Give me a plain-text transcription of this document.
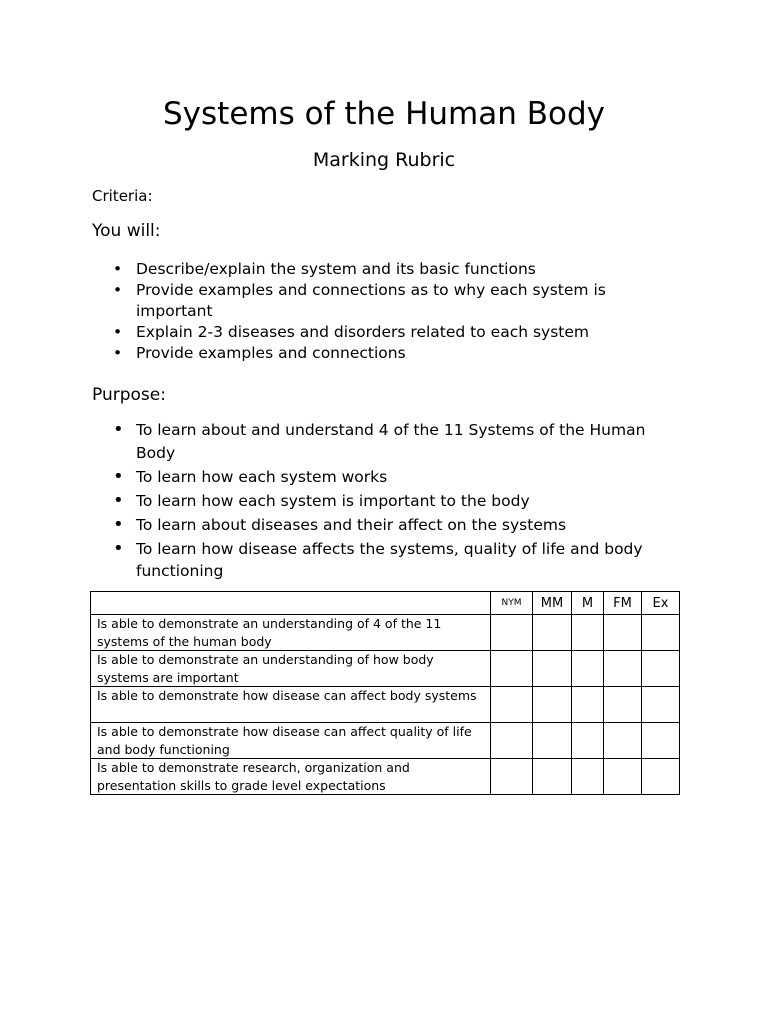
Systems of the Human Body
Marking Rubric

Criteria:

You will:
• Describe/explain the system and its basic functions
• Provide examples and connections as to why each system is important
• Explain 2-3 diseases and disorders related to each system
• Provide examples and connections
Purpose:
• To learn about and understand 4 of the 11 Systems of the Human Body
• To learn how each system works
• To learn how each system is important to the body
• To learn about diseases and their affect on the systems
• To learn how disease affects the systems, quality of life and body functioning
	NYM	MM	M	FM	Ex
Is able to demonstrate an understanding of 4 of the 11 systems of the human body					
Is able to demonstrate an understanding of how body systems are important					
Is able to demonstrate how disease can affect body systems					
Is able to demonstrate how disease can affect quality of life and body functioning					
Is able to demonstrate research, organization and presentation skills to grade level expectations					
